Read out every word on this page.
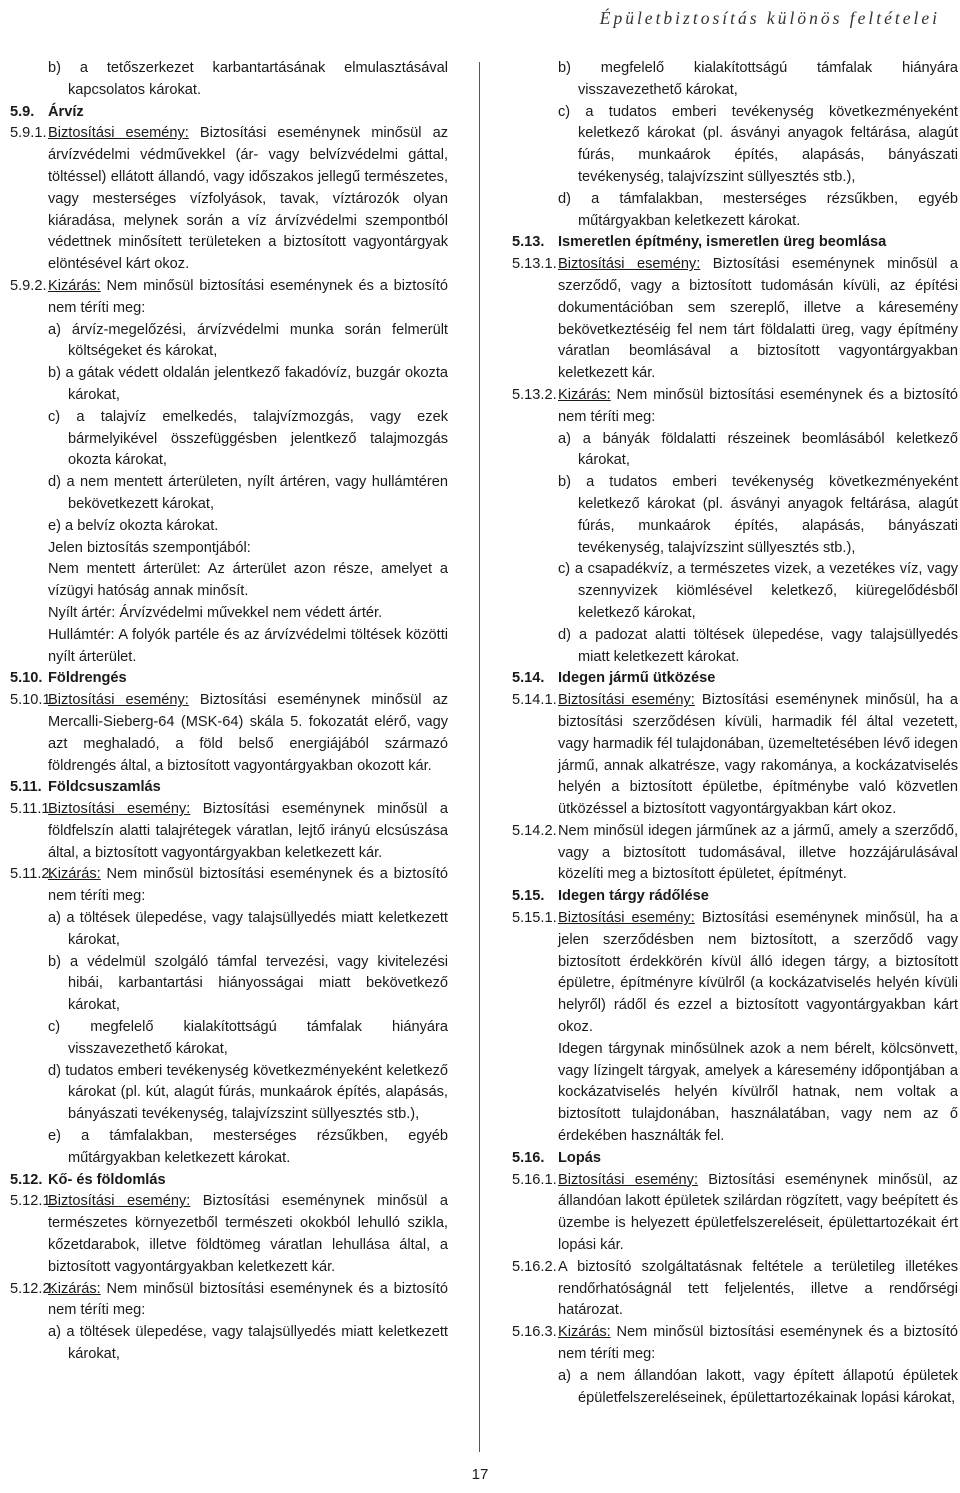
Épületbiztosítás különös feltételei
b) a tetőszerkezet karbantartásának elmulasztásával kapcsolatos károkat.
5.9. Árvíz
5.9.1. Biztosítási esemény: Biztosítási eseménynek minősül az árvízvédelmi védművekkel (ár- vagy belvízvédelmi gáttal, töltéssel) ellátott állandó, vagy időszakos jellegű természetes, vagy mesterséges vízfolyások, tavak, víztározók olyan kiáradása, melynek során a víz árvízvédelmi szempontból védettnek minősített területeken a biztosított vagyontárgyak elöntésével kárt okoz.
5.9.2. Kizárás: Nem minősül biztosítási eseménynek és a biztosító nem téríti meg:
a) árvíz-megelőzési, árvízvédelmi munka során felmerült költségeket és károkat,
b) a gátak védett oldalán jelentkező fakadóvíz, buzgár okozta károkat,
c) a talajvíz emelkedés, talajvízmozgás, vagy ezek bármelyikével összefüggésben jelentkező talajmozgás okozta károkat,
d) a nem mentett árterületen, nyílt ártéren, vagy hullámtéren bekövetkezett károkat,
e) a belvíz okozta károkat.
Jelen biztosítás szempontjából:
Nem mentett árterület: Az árterület azon része, amelyet a vízügyi hatóság annak minősít.
Nyílt ártér: Árvízvédelmi művekkel nem védett ártér.
Hullámtér: A folyók partéle és az árvízvédelmi töltések közötti nyílt árterület.
5.10. Földrengés
5.10.1.
Biztosítási esemény: Biztosítási eseménynek minősül az Mercalli-Sieberg-64 (MSK-64) skála 5. fokozatát elérő, vagy azt meghaladó, a föld belső energiájából származó földrengés által, a biztosított vagyontárgyakban okozott kár.
5.11. Földcsuszamlás
5.11.1.
Biztosítási esemény: Biztosítási eseménynek minősül a földfelszín alatti talajrétegek váratlan, lejtő irányú elcsúszása által, a biztosított vagyontárgyakban keletkezett kár.
5.11.2.
Kizárás: Nem minősül biztosítási eseménynek és a biztosító nem téríti meg:
a) a töltések ülepedése, vagy talajsüllyedés miatt keletkezett károkat,
b) a védelmül szolgáló támfal tervezési, vagy kivitelezési hibái, karbantartási hiányosságai miatt bekövetkező károkat,
c) megfelelő kialakítottságú támfalak hiányára visszavezethető károkat,
d) tudatos emberi tevékenység következményeként keletkező károkat (pl. kút, alagút fúrás, munkaárok építés, alapásás, bányászati tevékenység, talajvízszint süllyesztés stb.),
e) a támfalakban, mesterséges rézsűkben, egyéb műtárgyakban keletkezett károkat.
5.12. Kő- és földomlás
5.12.1.
Biztosítási esemény: Biztosítási eseménynek minősül a természetes környezetből természeti okokból lehulló szikla, kőzetdarabok, illetve földtömeg váratlan lehullása által, a biztosított vagyontárgyakban keletkezett kár.
5.12.2.
Kizárás: Nem minősül biztosítási eseménynek és a biztosító nem téríti meg:
a) a töltések ülepedése, vagy talajsüllyedés miatt keletkezett károkat,
b) megfelelő kialakítottságú támfalak hiányára visszavezethető károkat,
c) a tudatos emberi tevékenység következményeként keletkező károkat (pl. ásványi anyagok feltárása, alagút fúrás, munkaárok építés, alapásás, bányászati tevékenység, talajvízszint süllyesztés stb.),
d) a támfalakban, mesterséges rézsűkben, egyéb műtárgyakban keletkezett károkat.
5.13. Ismeretlen építmény, ismeretlen üreg beomlása
5.13.1. Biztosítási esemény: Biztosítási eseménynek minősül a szerződő, vagy a biztosított tudomásán kívüli, az építési dokumentációban sem szereplő, illetve a káresemény bekövetkeztéséig fel nem tárt földalatti üreg, vagy építmény váratlan beomlásával a biztosított vagyontárgyakban keletkezett kár.
5.13.2. Kizárás: Nem minősül biztosítási eseménynek és a biztosító nem téríti meg:
a) a bányák földalatti részeinek beomlásából keletkező károkat,
b) a tudatos emberi tevékenység következményeként keletkező károkat (pl. ásványi anyagok feltárása, alagút fúrás, munkaárok építés, alapásás, bányászati tevékenység, talajvízszint süllyesztés stb.),
c) a csapadékvíz, a természetes vizek, a vezetékes víz, vagy szennyvizek kiömlésével keletkező, kiüregelődésből keletkező károkat,
d) a padozat alatti töltések ülepedése, vagy talajsüllyedés miatt keletkezett károkat.
5.14. Idegen jármű ütközése
5.14.1. Biztosítási esemény: Biztosítási eseménynek minősül, ha a biztosítási szerződésen kívüli, harmadik fél által vezetett, vagy harmadik fél tulajdonában, üzemeltetésében lévő idegen jármű, annak alkatrésze, vagy rakománya, a kockázatviselés helyén a biztosított épületbe, építménybe való közvetlen ütközéssel a biztosított vagyontárgyakban kárt okoz.
5.14.2. Nem minősül idegen járműnek az a jármű, amely a szerződő, vagy a biztosított tudomásával, illetve hozzájárulásával közelíti meg a biztosított épületet, építményt.
5.15. Idegen tárgy rádőlése
5.15.1. Biztosítási esemény: Biztosítási eseménynek minősül, ha a jelen szerződésben nem biztosított, a szerződő vagy biztosított érdekkörén kívül álló idegen tárgy, a biztosított épületre, építményre kívülről (a kockázatviselés helyén kívüli helyről) rádől és ezzel a biztosított vagyontárgyakban kárt okoz.
Idegen tárgynak minősülnek azok a nem bérelt, kölcsönvett, vagy lízingelt tárgyak, amelyek a káresemény időpontjában a kockázatviselés helyén kívülről hatnak, nem voltak a biztosított tulajdonában, használatában, vagy nem az ő érdekében használták fel.
5.16. Lopás
5.16.1. Biztosítási esemény: Biztosítási eseménynek minősül, az állandóan lakott épületek szilárdan rögzített, vagy beépített és üzembe is helyezett épületfelszereléseit, épülettartozékait ért lopási kár.
5.16.2. A biztosító szolgáltatásnak feltétele a területileg illetékes rendőrhatóságnál tett feljelentés, illetve a rendőrségi határozat.
5.16.3. Kizárás: Nem minősül biztosítási eseménynek és a biztosító nem téríti meg:
a) a nem állandóan lakott, vagy épített állapotú épületek épületfelszereléseinek, épülettartozékainak lopási károkat,
17
